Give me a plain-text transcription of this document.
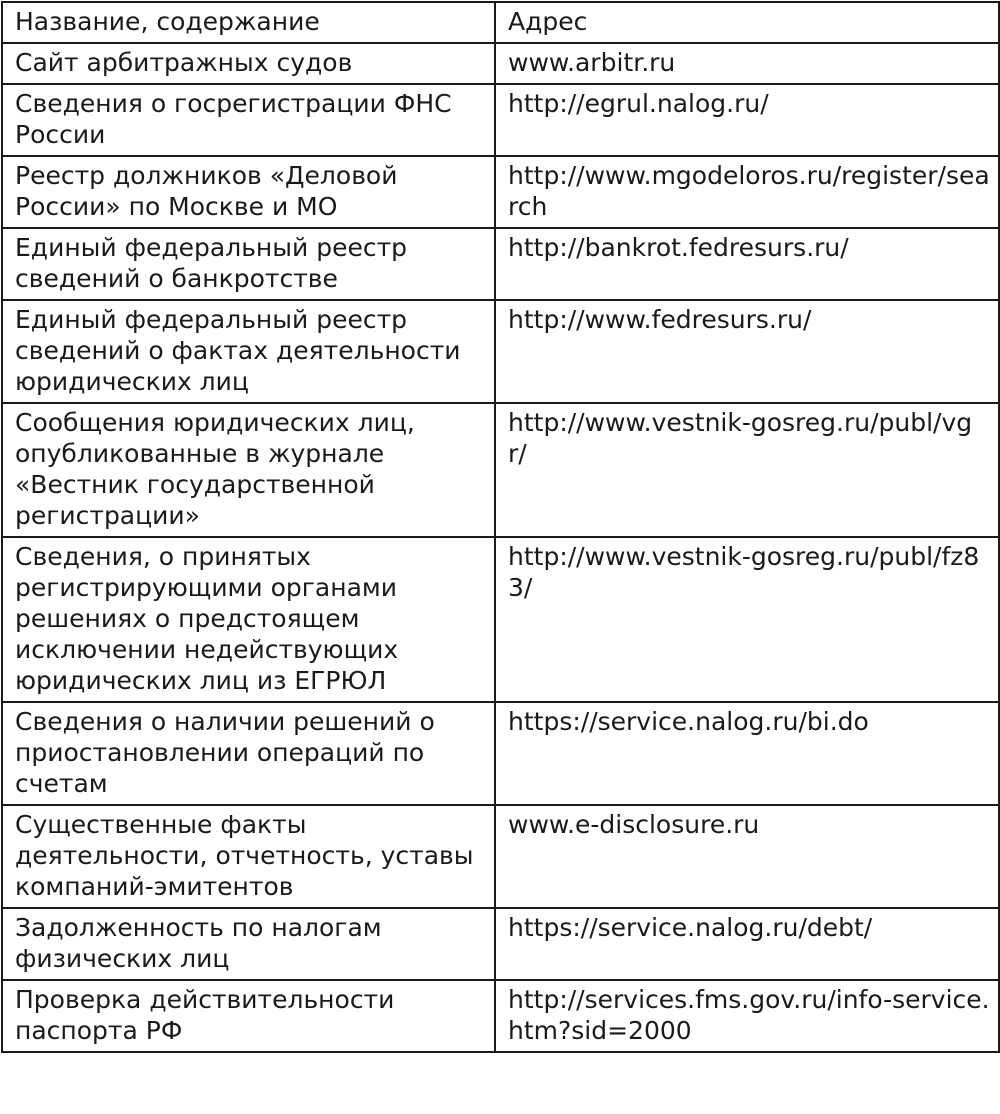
Название, содержание	Адрес
Сайт арбитражных судов	www.arbitr.ru

Сведения о госрегистрации ФНС России	http://egrul.nalog.ru/

Реестр должников «Деловой России» по Москве и МО	http://www.mgodeloros.ru/register/search

Единый федеральный реестр сведений о банкротстве	http://bankrot.fedresurs.ru/

Единый федеральный реестр сведений о фактах деятельности юридических лиц	http://www.fedresurs.ru/

Сообщения юридических лиц, опубликованные в журнале «Вестник государственной регистрации»	http://www.vestnik-gosreg.ru/publ/vgr/

Сведения, о принятых регистрирующими органами решениях о предстоящем исключении недействующих юридических лиц из ЕГРЮЛ	http://www.vestnik-gosreg.ru/publ/fz83/

Сведения о наличии решений о приостановлении операций по счетам	https://service.nalog.ru/bi.do

Существенные факты деятельности, отчетность, уставы компаний-эмитентов	www.e-disclosure.ru

Задолженность по налогам физических лиц	https://service.nalog.ru/debt/

Проверка действительности паспорта РФ	http://services.fms.gov.ru/info-service.htm?sid=2000
